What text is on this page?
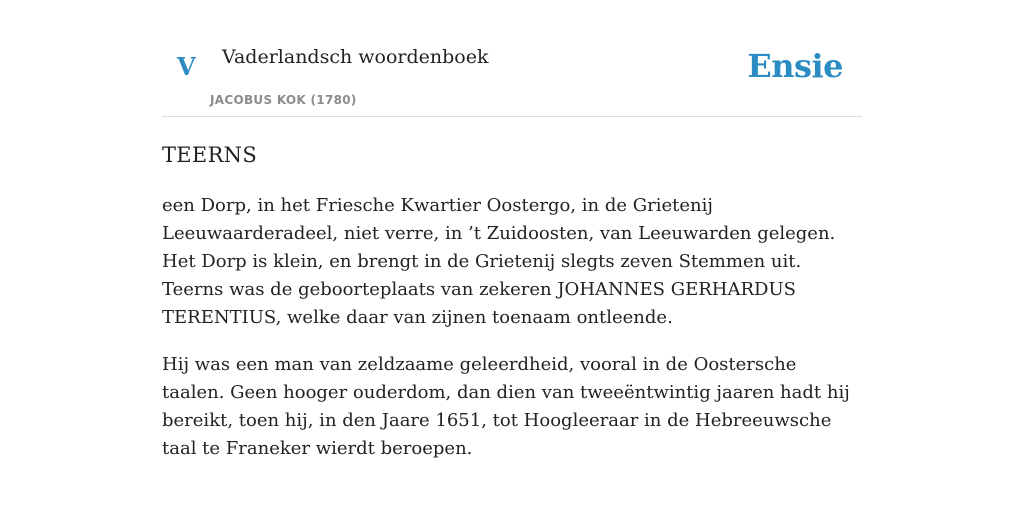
V Vaderlandsch woordenboek
JACOBUS KOK (1780)
Ensie
TEERNS

een Dorp, in het Friesche Kwartier Oostergo, in de Grietenij Leeuwaarderadeel, niet verre, in ’t Zuidoosten, van Leeuwarden gelegen. Het Dorp is klein, en brengt in de Grietenij slegts zeven Stemmen uit. Teerns was de geboorteplaats van zekeren JOHANNES GERHARDUS TERENTIUS, welke daar van zijnen toenaam ontleende.

Hij was een man van zeldzaame geleerdheid, vooral in de Oostersche taalen. Geen hooger ouderdom, dan dien van tweeëntwintig jaaren hadt hij bereikt, toen hij, in den Jaare 1651, tot Hoogleeraar in de Hebreeuwsche taal te Franeker wierdt beroepen.
